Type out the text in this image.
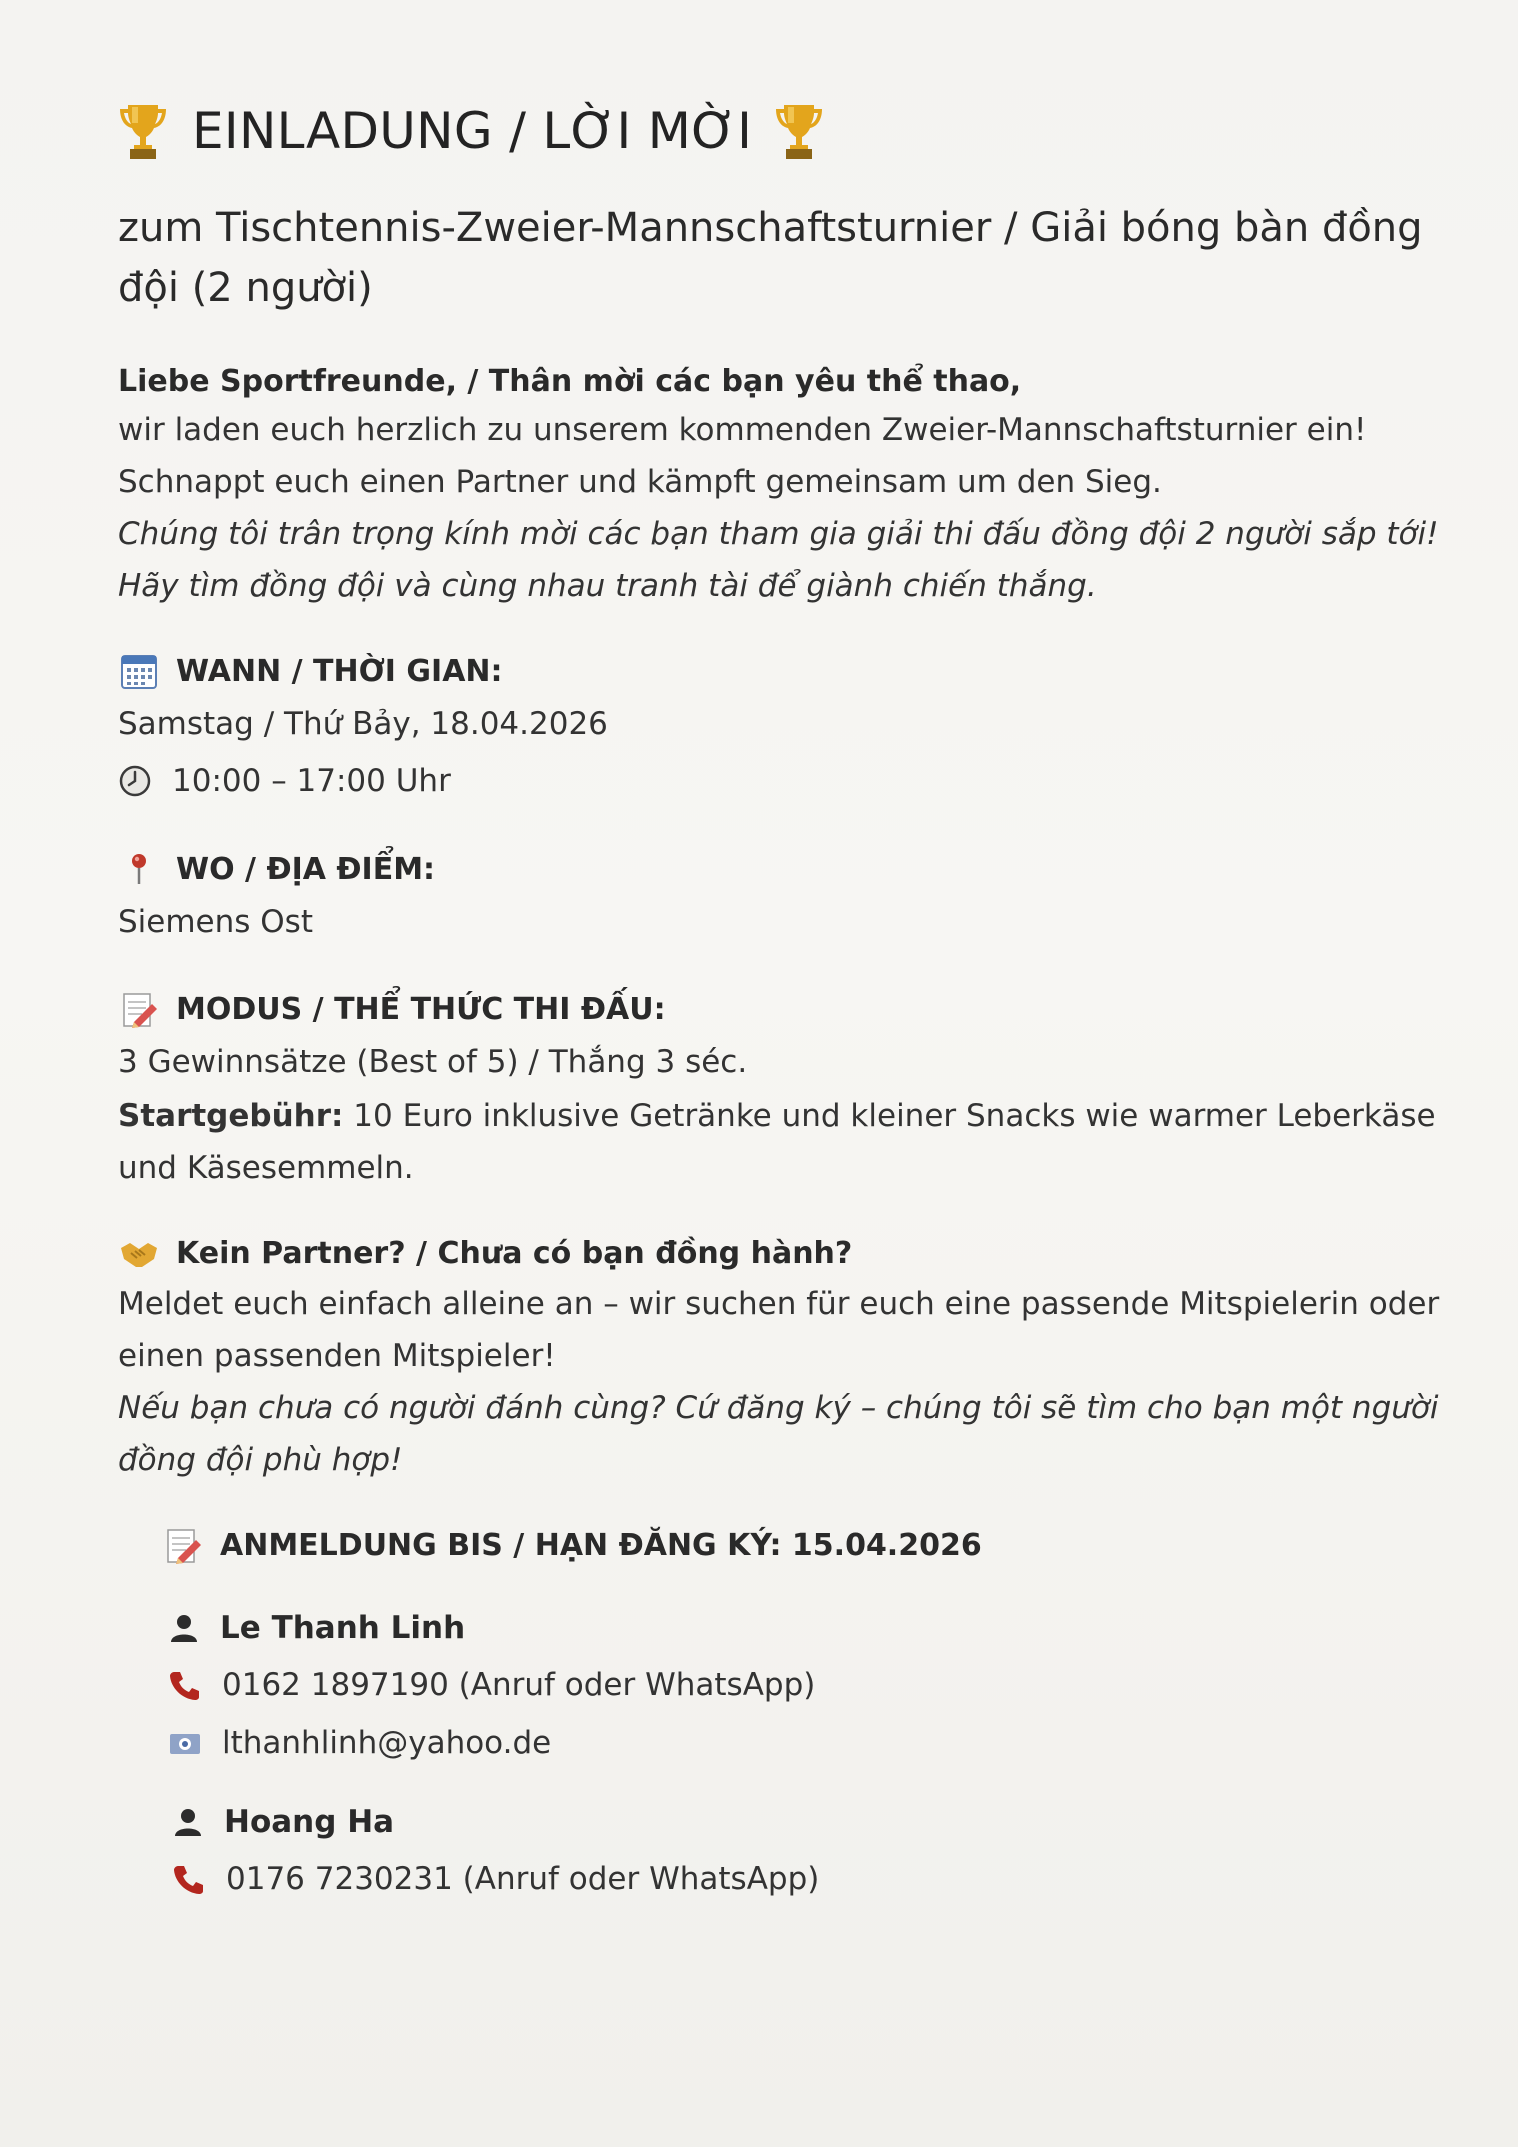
EINLADUNG / LỜI MỜI
zum Tischtennis-Zweier-Mannschaftsturnier / Giải bóng bàn đồng đội (2 người)
Liebe Sportfreunde, / Thân mời các bạn yêu thể thao,
wir laden euch herzlich zu unserem kommenden Zweier-Mannschaftsturnier ein! Schnappt euch einen Partner und kämpft gemeinsam um den Sieg.
Chúng tôi trân trọng kính mời các bạn tham gia giải thi đấu đồng đội 2 người sắp tới! Hãy tìm đồng đội và cùng nhau tranh tài để giành chiến thắng.
WANN / THỜI GIAN:
Samstag / Thứ Bảy, 18.04.2026
10:00 – 17:00 Uhr
WO / ĐỊA ĐIỂM:
Siemens Ost
MODUS / THỂ THỨC THI ĐẤU:
3 Gewinnsätze (Best of 5) / Thắng 3 séc.
Startgebühr: 10 Euro inklusive Getränke und kleiner Snacks wie warmer Leberkäse und Käsesemmeln.
Kein Partner? / Chưa có bạn đồng hành?
Meldet euch einfach alleine an – wir suchen für euch eine passende Mitspielerin oder einen passenden Mitspieler!
Nếu bạn chưa có người đánh cùng? Cứ đăng ký – chúng tôi sẽ tìm cho bạn một người đồng đội phù hợp!
ANMELDUNG BIS / HẠN ĐĂNG KÝ: 15.04.2026
Le Thanh Linh
0162 1897190 (Anruf oder WhatsApp)
lthanhlinh@yahoo.de
Hoang Ha
0176 7230231 (Anruf oder WhatsApp)
